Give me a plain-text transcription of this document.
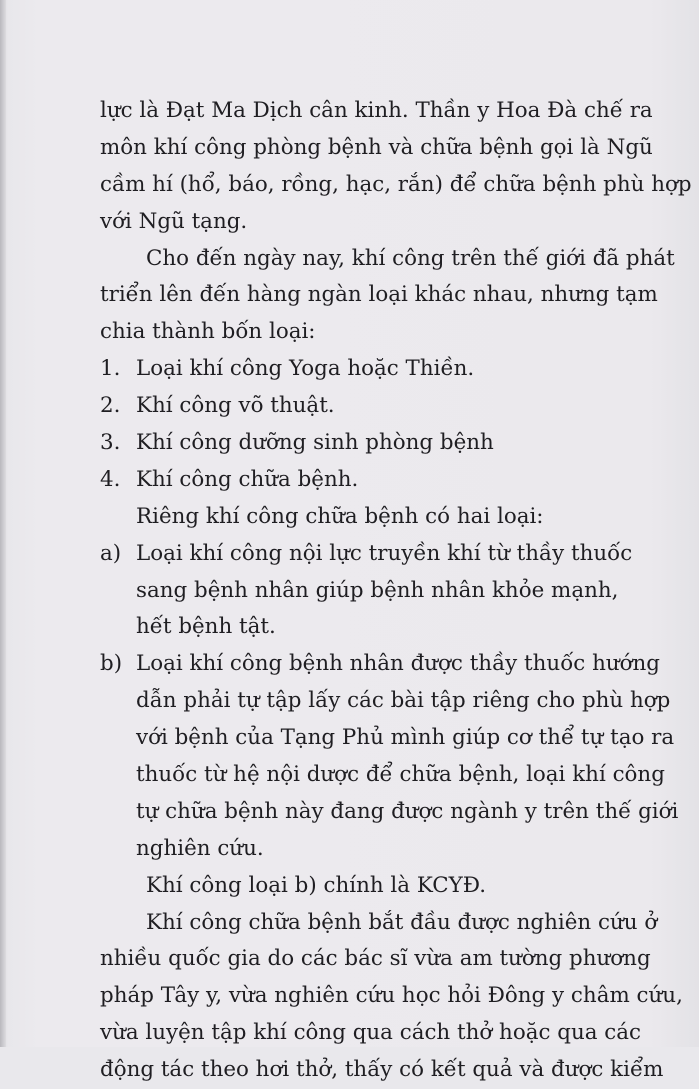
lực là Đạt Ma Dịch cân kinh. Thần y Hoa Đà chế ra
môn khí công phòng bệnh và chữa bệnh gọi là Ngũ
cầm hí (hổ, báo, rồng, hạc, rắn) để chữa bệnh phù hợp
với Ngũ tạng.
Cho đến ngày nay, khí công trên thế giới đã phát
triển lên đến hàng ngàn loại khác nhau, nhưng tạm
chia thành bốn loại:
1. Loại khí công Yoga hoặc Thiền.
2. Khí công võ thuật.
3. Khí công dưỡng sinh phòng bệnh
4. Khí công chữa bệnh.
Riêng khí công chữa bệnh có hai loại:
a) Loại khí công nội lực truyền khí từ thầy thuốc
sang bệnh nhân giúp bệnh nhân khỏe mạnh,
hết bệnh tật.
b) Loại khí công bệnh nhân được thầy thuốc hướng
dẫn phải tự tập lấy các bài tập riêng cho phù hợp
với bệnh của Tạng Phủ mình giúp cơ thể tự tạo ra
thuốc từ hệ nội dược để chữa bệnh, loại khí công
tự chữa bệnh này đang được ngành y trên thế giới
nghiên cứu.
Khí công loại b) chính là KCYĐ.
Khí công chữa bệnh bắt đầu được nghiên cứu ở
nhiều quốc gia do các bác sĩ vừa am tường phương
pháp Tây y, vừa nghiên cứu học hỏi Đông y châm cứu,
vừa luyện tập khí công qua cách thở hoặc qua các
động tác theo hơi thở, thấy có kết quả và được kiểm
